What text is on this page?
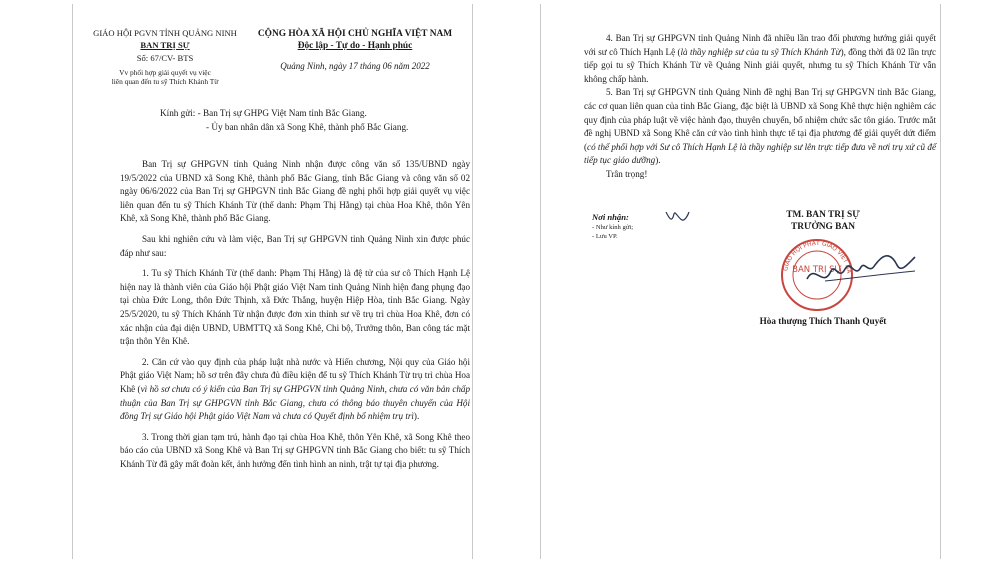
GIÁO HỘI PGVN TỈNH QUẢNG NINH
BAN TRỊ SỰ
Số: 67/CV- BTS
Vv phối hợp giải quyết vụ việc
liên quan đến tu sỹ Thích Khánh Từ
CỘNG HÒA XÃ HỘI CHỦ NGHĨA VIỆT NAM
Độc lập - Tự do - Hạnh phúc
Quảng Ninh, ngày 17 tháng 06 năm 2022
Kính gửi: - Ban Trị sự GHPG Việt Nam tỉnh Bắc Giang.
- Ủy ban nhân dân xã Song Khê, thành phố Bắc Giang.

Ban Trị sự GHPGVN tỉnh Quảng Ninh nhận được công văn số 135/UBND ngày 19/5/2022 của UBND xã Song Khê, thành phố Bắc Giang, tỉnh Bắc Giang và công văn số 02 ngày 06/6/2022 của Ban Trị sự GHPGVN tỉnh Bắc Giang đề nghị phối hợp giải quyết vụ việc liên quan đến tu sỹ Thích Khánh Từ (thế danh: Phạm Thị Hằng) tại chùa Hoa Khê, thôn Yên Khê, xã Song Khê, thành phố Bắc Giang.

Sau khi nghiên cứu và làm việc, Ban Trị sự GHPGVN tỉnh Quảng Ninh xin được phúc đáp như sau:

1. Tu sỹ Thích Khánh Từ (thế danh: Phạm Thị Hằng) là đệ tử của sư cô Thích Hạnh Lệ hiện nay là thành viên của Giáo hội Phật giáo Việt Nam tỉnh Quảng Ninh hiện đang phụng đạo tại chùa Đức Long, thôn Đức Thịnh, xã Đức Thắng, huyện Hiệp Hòa, tỉnh Bắc Giang. Ngày 25/5/2020, tu sỹ Thích Khánh Từ nhận được đơn xin thỉnh sư về trụ trì chùa Hoa Khê, đơn có xác nhận của đại diện UBND, UBMTTQ xã Song Khê, Chi bộ, Trưởng thôn, Ban công tác mặt trận thôn Yên Khê.

2. Căn cứ vào quy định của pháp luật nhà nước và Hiến chương, Nội quy của Giáo hội Phật giáo Việt Nam; hồ sơ trên đây chưa đủ điều kiện để tu sỹ Thích Khánh Từ trụ trì chùa Hoa Khê (vì hồ sơ chưa có ý kiến của Ban Trị sự GHPGVN tỉnh Quảng Ninh, chưa có văn bản chấp thuận của Ban Trị sự GHPGVN tỉnh Bắc Giang, chưa có thông báo thuyên chuyển của Hội đồng Trị sự Giáo hội Phật giáo Việt Nam và chưa có Quyết định bổ nhiệm trụ trì).

3. Trong thời gian tạm trú, hành đạo tại chùa Hoa Khê, thôn Yên Khê, xã Song Khê theo báo cáo của UBND xã Song Khê và Ban Trị sự GHPGVN tỉnh Bắc Giang cho biết: tu sỹ Thích Khánh Từ đã gây mất đoàn kết, ảnh hưởng đến tình hình an ninh, trật tự tại địa phương.

4. Ban Trị sự GHPGVN tỉnh Quảng Ninh đã nhiều lần trao đổi phương hướng giải quyết với sư cô Thích Hạnh Lệ (là thầy nghiệp sư của tu sỹ Thích Khánh Từ), đồng thời đã 02 lần trực tiếp gọi tu sỹ Thích Khánh Từ về Quảng Ninh giải quyết, nhưng tu sỹ Thích Khánh Từ vẫn không chấp hành.

5. Ban Trị sự GHPGVN tỉnh Quảng Ninh đề nghị Ban Trị sự GHPGVN tỉnh Bắc Giang, các cơ quan liên quan của tỉnh Bắc Giang, đặc biệt là UBND xã Song Khê thực hiện nghiêm các quy định của pháp luật về việc hành đạo, thuyên chuyển, bổ nhiệm chức sắc tôn giáo. Trước mắt đề nghị UBND xã Song Khê căn cứ vào tình hình thực tế tại địa phương để giải quyết dứt điểm (có thể phối hợp với Sư cô Thích Hạnh Lệ là thầy nghiệp sư lên trực tiếp đưa về nơi trụ xứ cũ để tiếp tục giáo dưỡng).

Trân trọng!

Nơi nhận:
- Như kính gửi;
- Lưu VP.
TM. BAN TRỊ SỰ
TRƯỞNG BAN
GIÁO HỘI PHẬT GIÁO VIỆT NA
BAN TRỊ SỰ
Hòa thượng Thích Thanh Quyết
